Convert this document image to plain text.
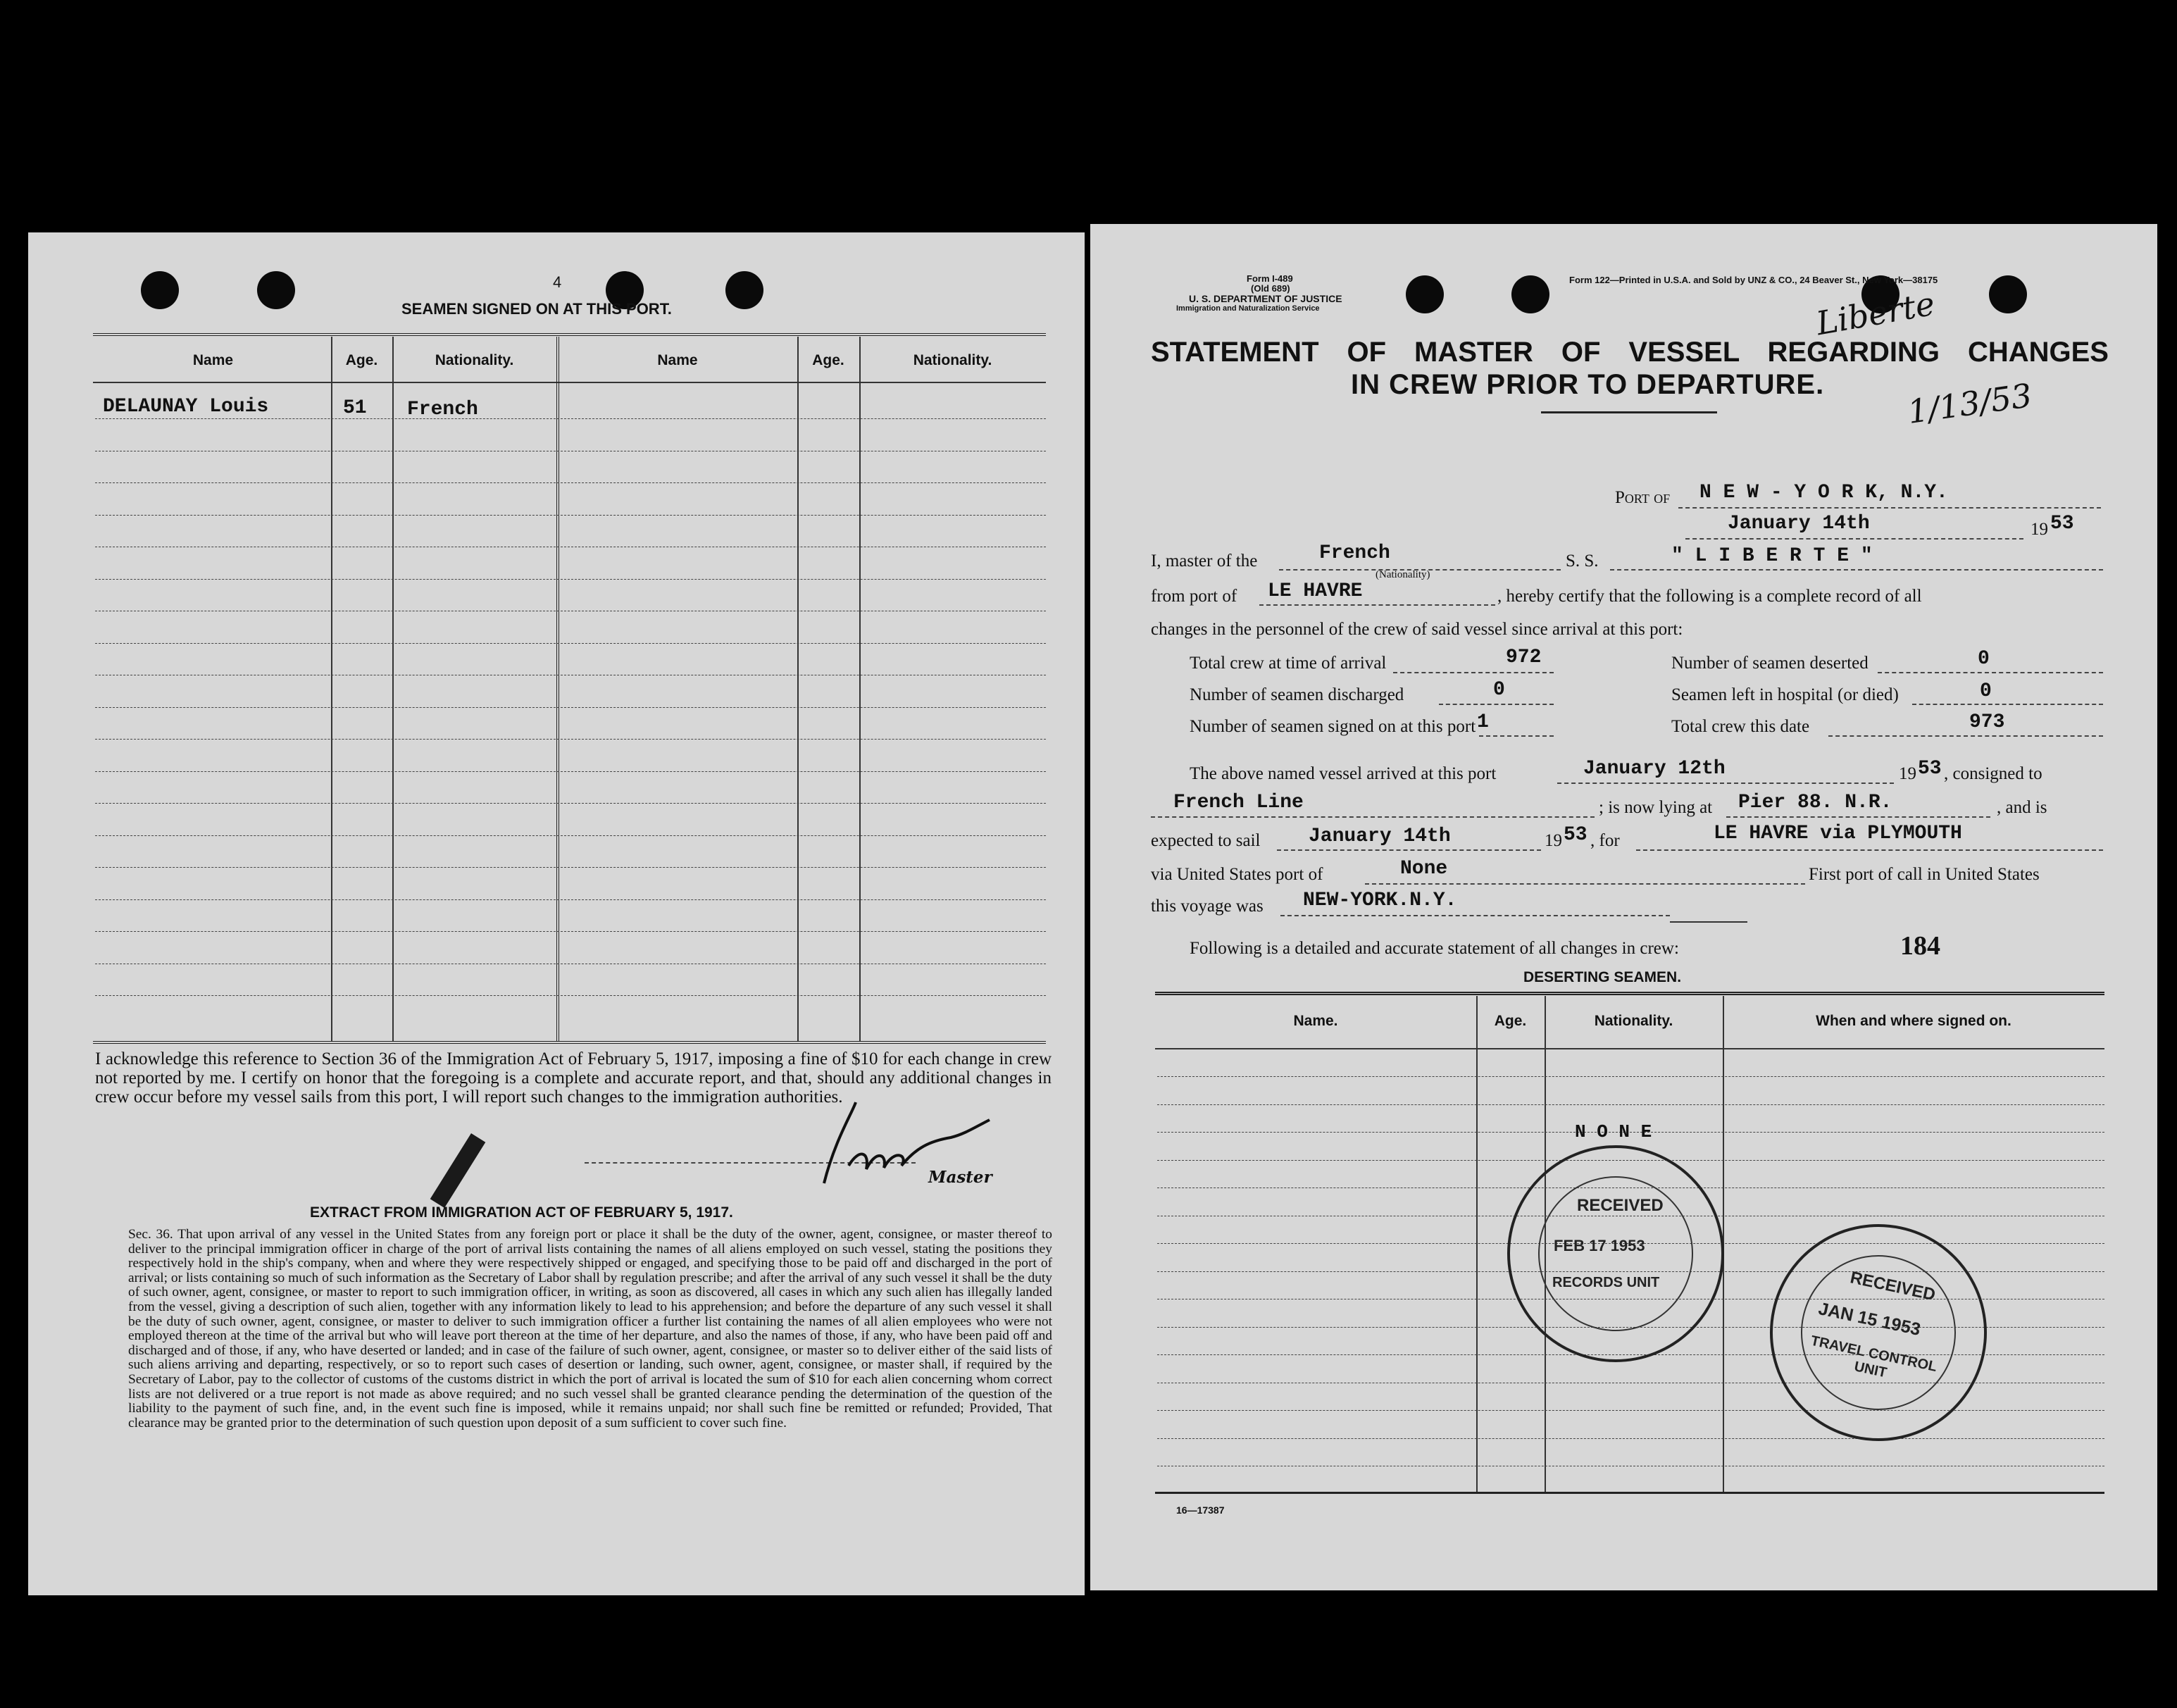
4
SEAMEN SIGNED ON AT THIS PORT.
Name	Age.	Nationality.	Name	Age.	Nationality.
DELAUNAY Louis	51 French

I acknowledge this reference to Section 36 of the Immigration Act of February 5, 1917, imposing a fine of $10 for each change in crew not reported by me. I certify on honor that the foregoing is a complete and accurate report, and that, should any additional changes in crew occur before my vessel sails from this port, I will report such changes to the immigration authorities.

Master
EXTRACT FROM IMMIGRATION ACT OF FEBRUARY 5, 1917.

Sec. 36. That upon arrival of any vessel in the United States from any foreign port or place it shall be the duty of the owner, agent, consignee, or master thereof to deliver to the principal immigration officer in charge of the port of arrival lists containing the names of all aliens employed on such vessel, stating the positions they respectively hold in the ship's company, when and where they were respectively shipped or engaged, and specifying those to be paid off and discharged in the port of arrival; or lists containing so much of such information as the Secretary of Labor shall by regulation prescribe; and after the arrival of any such vessel it shall be the duty of such owner, agent, consignee, or master to report to such immigration officer, in writing, as soon as discovered, all cases in which any such alien has illegally landed from the vessel, giving a description of such alien, together with any information likely to lead to his apprehension; and before the departure of any such vessel it shall be the duty of such owner, agent, consignee, or master to deliver to such immigration officer a further list containing the names of all alien employees who were not employed thereon at the time of the arrival but who will leave port thereon at the time of her departure, and also the names of those, if any, who have been paid off and discharged and of those, if any, who have deserted or landed; and in case of the failure of such owner, agent, consignee, or master so to deliver either of the said lists of such aliens arriving and departing, respectively, or so to report such cases of desertion or landing, such owner, agent, consignee, or master shall, if required by the Secretary of Labor, pay to the collector of customs of the customs district in which the port of arrival is located the sum of $10 for each alien concerning whom correct lists are not delivered or a true report is not made as above required; and no such vessel shall be granted clearance pending the determination of the question of the liability to the payment of such fine, and, in the event such fine is imposed, while it remains unpaid; nor shall such fine be remitted or refunded; Provided, That clearance may be granted prior to the determination of such question upon deposit of a sum sufficient to cover such fine.

Form I-489
(Old 689)
U. S. DEPARTMENT OF JUSTICE
Immigration and Naturalization Service
Form 122—Printed in U.S.A. and Sold by UNZ & CO., 24 Beaver St., New York—38175
STATEMENT OF MASTER OF VESSEL REGARDING CHANGES
IN CREW PRIOR TO DEPARTURE.
Liberte
1/13/53
Port of N E W - Y O R K, N.Y.
January 14th	19 53
I, master of the	French
(Nationality)
S. S.	" L I B E R T E "
from port of LE HAVRE	, hereby certify that the following is a complete record of all
changes in the personnel of the crew of said vessel since arrival at this port:
Total crew at time of arrival	972	Number of seamen deserted	0
Number of seamen discharged	0	Seamen left in hospital (or died)	0
Number of seamen signed on at this port 1	Total crew this date	973
The above named vessel arrived at this port	January 12th	19 53 , consigned to
French Line	; is now lying at Pier 88. N.R.	, and is
expected to sail January 14th	19 53 , for	LE HAVRE via PLYMOUTH
via United States port of	None	First port of call in United States
this voyage was NEW-YORK.N.Y.
Following is a detailed and accurate statement of all changes in crew:	184
DESERTING SEAMEN.
Name.	Age.	Nationality.	When and where signed on.
N O N E
RECEIVED
FEB 17 1953
RECORDS UNIT	RECEIVED
JAN 15 1953
TRAVEL CONTROL UNIT
16—17387
